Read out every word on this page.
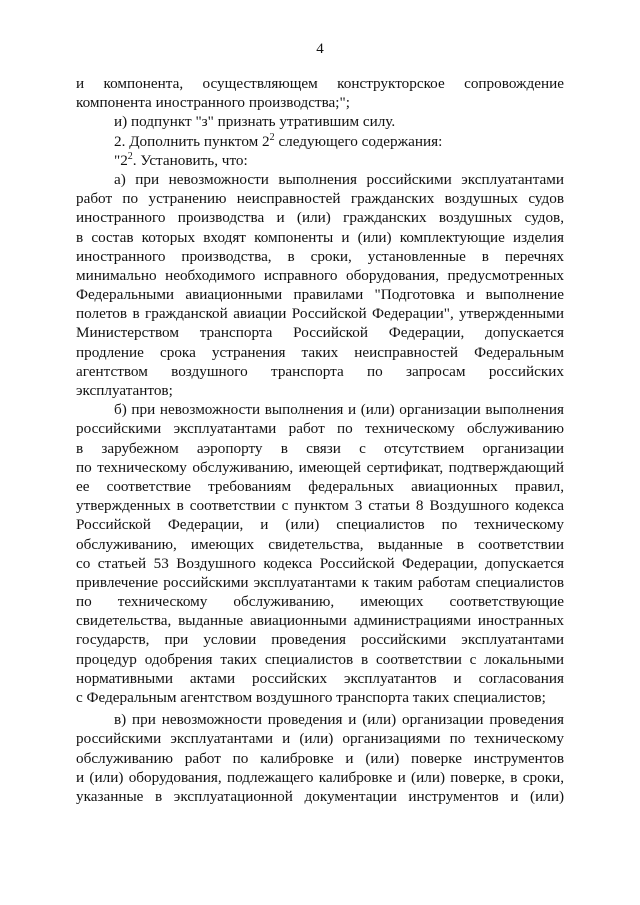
4
и компонента, осуществляющем конструкторское сопровождение
компонента иностранного производства;";
и) подпункт "з" признать утратившим силу.
2. Дополнить пунктом $2^2$ следующего содержания:
"$2^2$. Установить, что:
а) при невозможности выполнения российскими эксплуатантами
работ по устранению неисправностей гражданских воздушных судов
иностранного производства и (или) гражданских воздушных судов,
в состав которых входят компоненты и (или) комплектующие изделия
иностранного производства, в сроки, установленные в перечнях
минимально необходимого исправного оборудования, предусмотренных
Федеральными авиационными правилами "Подготовка и выполнение
полетов в гражданской авиации Российской Федерации", утвержденными
Министерством транспорта Российской Федерации, допускается
продление срока устранения таких неисправностей Федеральным
агентством воздушного транспорта по запросам российских
эксплуатантов;
б) при невозможности выполнения и (или) организации выполнения
российскими эксплуатантами работ по техническому обслуживанию
в зарубежном аэропорту в связи с отсутствием организации
по техническому обслуживанию, имеющей сертификат, подтверждающий
ее соответствие требованиям федеральных авиационных правил,
утвержденных в соответствии с пунктом 3 статьи 8 Воздушного кодекса
Российской Федерации, и (или) специалистов по техническому
обслуживанию, имеющих свидетельства, выданные в соответствии
со статьей 53 Воздушного кодекса Российской Федерации, допускается
привлечение российскими эксплуатантами к таким работам специалистов
по техническому обслуживанию, имеющих соответствующие
свидетельства, выданные авиационными администрациями иностранных
государств, при условии проведения российскими эксплуатантами
процедур одобрения таких специалистов в соответствии с локальными
нормативными актами российских эксплуатантов и согласования
с Федеральным агентством воздушного транспорта таких специалистов;
в) при невозможности проведения и (или) организации проведения
российскими эксплуатантами и (или) организациями по техническому
обслуживанию работ по калибровке и (или) поверке инструментов
и (или) оборудования, подлежащего калибровке и (или) поверке, в сроки,
указанные в эксплуатационной документации инструментов и (или)
